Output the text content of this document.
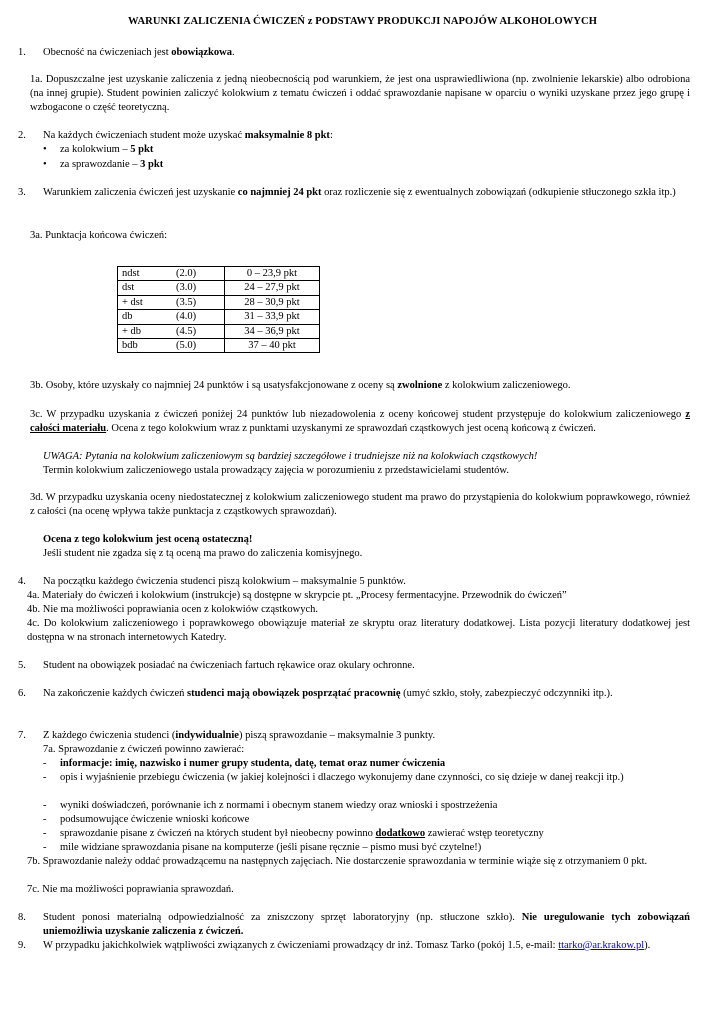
WARUNKI ZALICZENIA ĆWICZEŃ z PODSTAWY PRODUKCJI NAPOJÓW ALKOHOLOWYCH
1.	Obecność na ćwiczeniach jest obowiązkowa.
1a. Dopuszczalne jest uzyskanie zaliczenia z jedną nieobecnością pod warunkiem, że jest ona usprawiedliwiona (np. zwolnienie lekarskie) albo odrobiona (na innej grupie). Student powinien zaliczyć kolokwium z tematu ćwiczeń i oddać sprawozdanie napisane w oparciu o wyniki uzyskane przez jego grupę i wzbogacone o część teoretyczną.
2.	Na każdych ćwiczeniach student może uzyskać maksymalnie 8 pkt:
• za kolokwium – 5 pkt
• za sprawozdanie – 3 pkt
3.	Warunkiem zaliczenia ćwiczeń jest uzyskanie co najmniej 24 pkt oraz rozliczenie się z ewentualnych zobowiązań (odkupienie stłuczonego szkła itp.)
3a. Punktacja końcowa ćwiczeń:
ndst	(2.0)	0 – 23,9 pkt
dst	(3.0)	24 – 27,9 pkt
+ dst	(3.5)	28 – 30,9 pkt
db	(4.0)	31 – 33,9 pkt
+ db	(4.5)	34 – 36,9 pkt
bdb	(5.0)	37 – 40 pkt
3b. Osoby, które uzyskały co najmniej 24 punktów i są usatysfakcjonowane z oceny są zwolnione z kolokwium zaliczeniowego.
3c. W przypadku uzyskania z ćwiczeń poniżej 24 punktów lub niezadowolenia z oceny końcowej student przystępuje do kolokwium zaliczeniowego z całości materiału. Ocena z tego kolokwium wraz z punktami uzyskanymi ze sprawozdań cząstkowych jest oceną końcową z ćwiczeń.
UWAGA: Pytania na kolokwium zaliczeniowym są bardziej szczegółowe i trudniejsze niż na kolokwiach cząstkowych!
Termin kolokwium zaliczeniowego ustala prowadzący zajęcia w porozumieniu z przedstawicielami studentów.
3d. W przypadku uzyskania oceny niedostatecznej z kolokwium zaliczeniowego student ma prawo do przystąpienia do kolokwium poprawkowego, również z całości (na ocenę wpływa także punktacja z cząstkowych sprawozdań).
Ocena z tego kolokwium jest oceną ostateczną!
Jeśli student nie zgadza się z tą oceną ma prawo do zaliczenia komisyjnego.
4.	Na początku każdego ćwiczenia studenci piszą kolokwium – maksymalnie 5 punktów.
4a. Materiały do ćwiczeń i kolokwium (instrukcje) są dostępne w skrypcie pt. „Procesy fermentacyjne. Przewodnik do ćwiczeń”
4b. Nie ma możliwości poprawiania ocen z kolokwiów cząstkowych.
4c. Do kolokwium zaliczeniowego i poprawkowego obowiązuje materiał ze skryptu oraz literatury dodatkowej. Lista pozycji literatury dodatkowej jest dostępna w na stronach internetowych Katedry.
5.	Student na obowiązek posiadać na ćwiczeniach fartuch rękawice oraz okulary ochronne.
6.	Na zakończenie każdych ćwiczeń studenci mają obowiązek posprzątać pracownię (umyć szkło, stoły, zabezpieczyć odczynniki itp.).
7.	Z każdego ćwiczenia studenci (indywidualnie) piszą sprawozdanie – maksymalnie 3 punkty.
7a. Sprawozdanie z ćwiczeń powinno zawierać:
- informacje: imię, nazwisko i numer grupy studenta, datę, temat oraz numer ćwiczenia
- opis i wyjaśnienie przebiegu ćwiczenia (w jakiej kolejności i dlaczego wykonujemy dane czynności, co się dzieje w danej reakcji itp.)
- wyniki doświadczeń, porównanie ich z normami i obecnym stanem wiedzy oraz wnioski i spostrzeżenia
- podsumowujące ćwiczenie wnioski końcowe
- sprawozdanie pisane z ćwiczeń na których student był nieobecny powinno dodatkowo zawierać wstęp teoretyczny
- mile widziane sprawozdania pisane na komputerze (jeśli pisane ręcznie – pismo musi być czytelne!)
7b. Sprawozdanie należy oddać prowadzącemu na następnych zajęciach. Nie dostarczenie sprawozdania w terminie wiąże się z otrzymaniem 0 pkt.
7c. Nie ma możliwości poprawiania sprawozdań.
8.	Student ponosi materialną odpowiedzialność za zniszczony sprzęt laboratoryjny (np. stłuczone szkło). Nie uregulowanie tych zobowiązań uniemożliwia uzyskanie zaliczenia z ćwiczeń.
9.	W przypadku jakichkolwiek wątpliwości związanych z ćwiczeniami prowadzący dr inż. Tomasz Tarko (pokój 1.5, e-mail: ttarko@ar.krakow.pl).
